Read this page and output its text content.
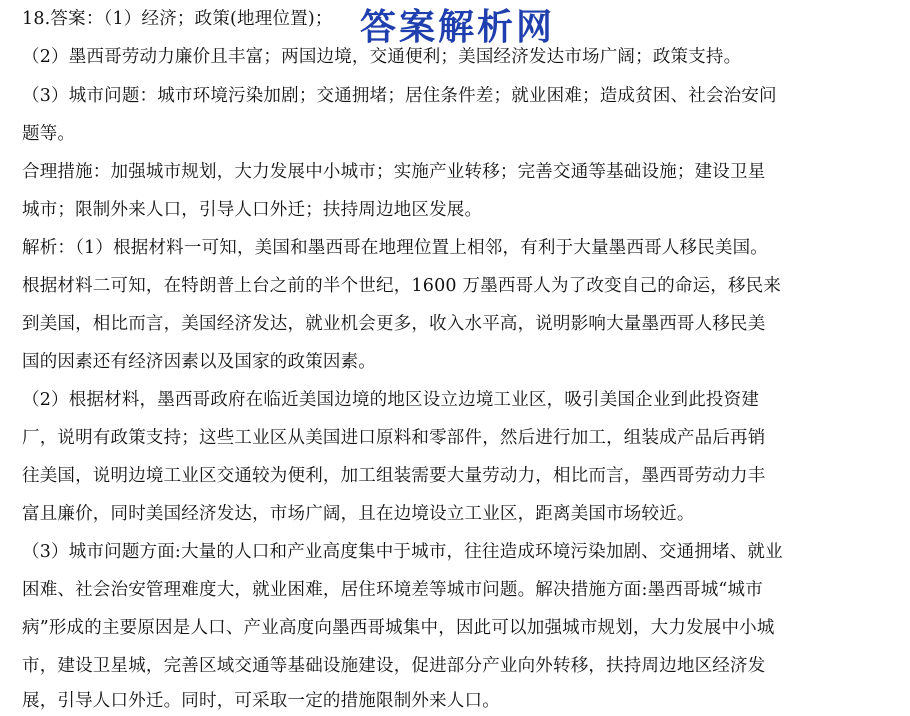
18.答案：（1）经济；政策(地理位置)；
（2）墨西哥劳动力廉价且丰富；两国边境，交通便利；美国经济发达市场广阔；政策支持。
（3）城市问题：城市环境污染加剧；交通拥堵；居住条件差；就业困难；造成贫困、社会治安问
题等。
合理措施：加强城市规划，大力发展中小城市；实施产业转移；完善交通等基础设施；建设卫星
城市；限制外来人口，引导人口外迁；扶持周边地区发展。
解析：（1）根据材料一可知，美国和墨西哥在地理位置上相邻，有利于大量墨西哥人移民美国。
根据材料二可知，在特朗普上台之前的半个世纪，1600 万墨西哥人为了改变自己的命运，移民来
到美国，相比而言，美国经济发达，就业机会更多，收入水平高，说明影响大量墨西哥人移民美
国的因素还有经济因素以及国家的政策因素。
（2）根据材料，墨西哥政府在临近美国边境的地区设立边境工业区，吸引美国企业到此投资建
厂，说明有政策支持；这些工业区从美国进口原料和零部件，然后进行加工，组装成产品后再销
往美国，说明边境工业区交通较为便利，加工组装需要大量劳动力，相比而言，墨西哥劳动力丰
富且廉价，同时美国经济发达，市场广阔，且在边境设立工业区，距离美国市场较近。
（3）城市问题方面:大量的人口和产业高度集中于城市，往往造成环境污染加剧、交通拥堵、就业
困难、社会治安管理难度大，就业困难，居住环境差等城市问题。解决措施方面:墨西哥城“城市
病”形成的主要原因是人口、产业高度向墨西哥城集中，因此可以加强城市规划，大力发展中小城
市，建设卫星城，完善区域交通等基础设施建设，促进部分产业向外转移，扶持周边地区经济发
展，引导人口外迁。同时，可采取一定的措施限制外来人口。
答案解析网
